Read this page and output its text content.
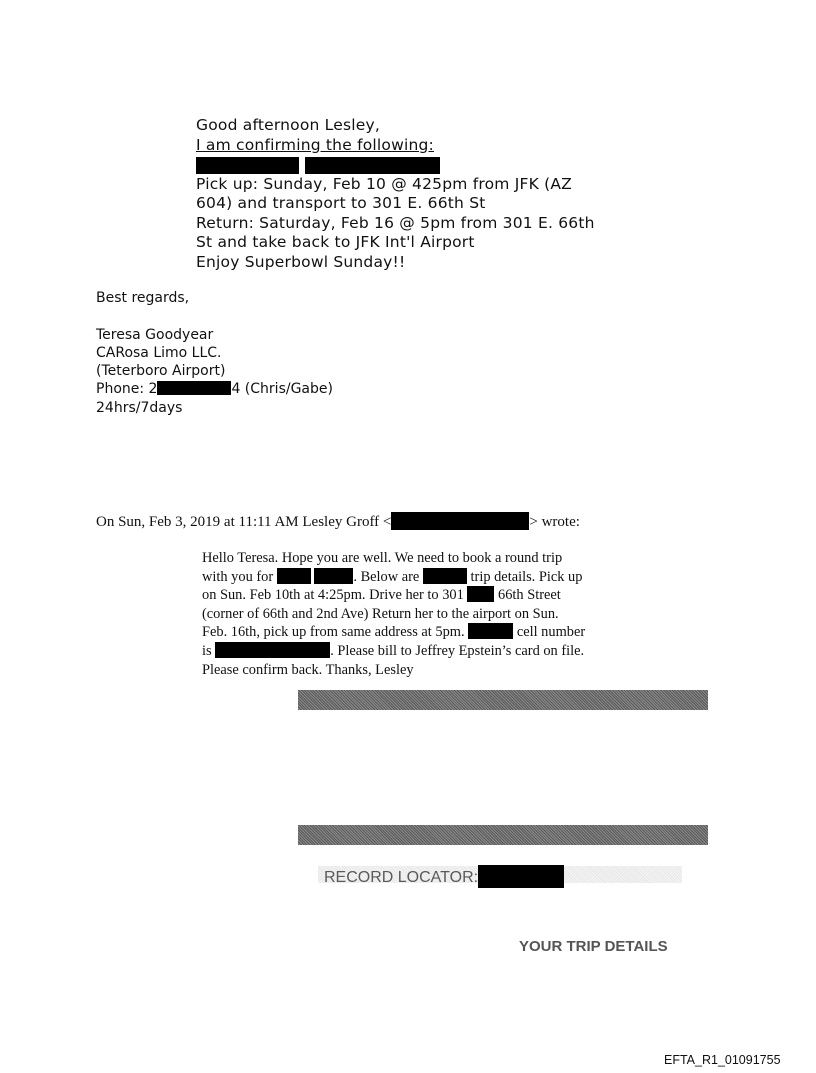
Good afternoon Lesley,
I am confirming the following:
Pick up: Sunday, Feb 10 @ 425pm from JFK (AZ
604) and transport to 301 E. 66th St
Return: Saturday, Feb 16 @ 5pm from 301 E. 66th
St and take back to JFK Int'l Airport
Enjoy Superbowl Sunday!!
Best regards,
Teresa Goodyear
CARosa Limo LLC.
(Teterboro Airport)
Phone: 2	4 (Chris/Gabe)
24hrs/7days
On Sun, Feb 3, 2019 at 11:11 AM Lesley Groff <	> wrote:
Hello Teresa. Hope you are well. We need to book a round trip
with you for	. Below are	trip details. Pick up
on Sun. Feb 10th at 4:25pm. Drive her to 301 66th Street
(corner of 66th and 2nd Ave) Return her to the airport on Sun.
Feb. 16th, pick up from same address at 5pm.	cell number
is	. Please bill to Jeffrey Epstein’s card on file.
Please confirm back. Thanks, Lesley
RECORD LOCATOR:
YOUR TRIP DETAILS
EFTA_R1_01091755
